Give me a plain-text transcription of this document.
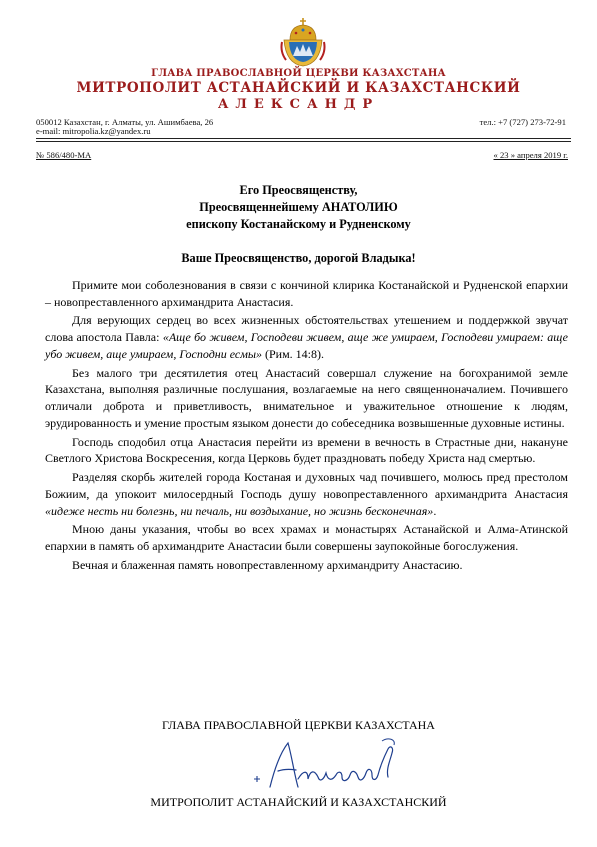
ГЛАВА ПРАВОСЛАВНОЙ ЦЕРКВИ КАЗАХСТАНА
МИТРОПОЛИТ АСТАНАЙСКИЙ И КАЗАХСТАНСКИЙ
АЛЕКСАНДР
050012 Казахстан, г. Алматы, ул. Ашимбаева, 26
e-mail: mitropolia.kz@yandex.ru
тел.: +7 (727) 273-72-91
№ 586/480-МА	« 23 » апреля 2019 г.
Его Преосвященству,
Преосвященнейшему АНАТОЛИЮ
епископу Костанайскому и Рудненскому
Ваше Преосвященство, дорогой Владыка!

Примите мои соболезнования в связи с кончиной клирика Костанайской и Рудненской епархии – новопреставленного архимандрита Анастасия.

Для верующих сердец во всех жизненных обстоятельствах утешением и поддержкой звучат слова апостола Павла: «Аще бо живем, Господеви живем, аще же умираем, Господеви умираем: аще убо живем, аще умираем, Господни есмы» (Рим. 14:8).

Без малого три десятилетия отец Анастасий совершал служение на богохранимой земле Казахстана, выполняя различные послушания, возлагаемые на него священноначалием. Почившего отличали доброта и приветливость, внимательное и уважительное отношение к людям, эрудированность и умение простым языком донести до собеседника возвышенные духовные истины.

Господь сподобил отца Анастасия перейти из времени в вечность в Страстные дни, накануне Светлого Христова Воскресения, когда Церковь будет праздновать победу Христа над смертью.

Разделяя скорбь жителей города Костаная и духовных чад почившего, молюсь пред престолом Божиим, да упокоит милосердный Господь душу новопреставленного архимандрита Анастасия «идеже несть ни болезнь, ни печаль, ни воздыхание, но жизнь бесконечная».

Мною даны указания, чтобы во всех храмах и монастырях Астанайской и Алма-Атинской епархии в память об архимандрите Анастасии были совершены заупокойные богослужения.

Вечная и блаженная память новопреставленному архимандриту Анастасию.

ГЛАВА ПРАВОСЛАВНОЙ ЦЕРКВИ КАЗАХСТАНА
МИТРОПОЛИТ АСТАНАЙСКИЙ И КАЗАХСТАНСКИЙ
